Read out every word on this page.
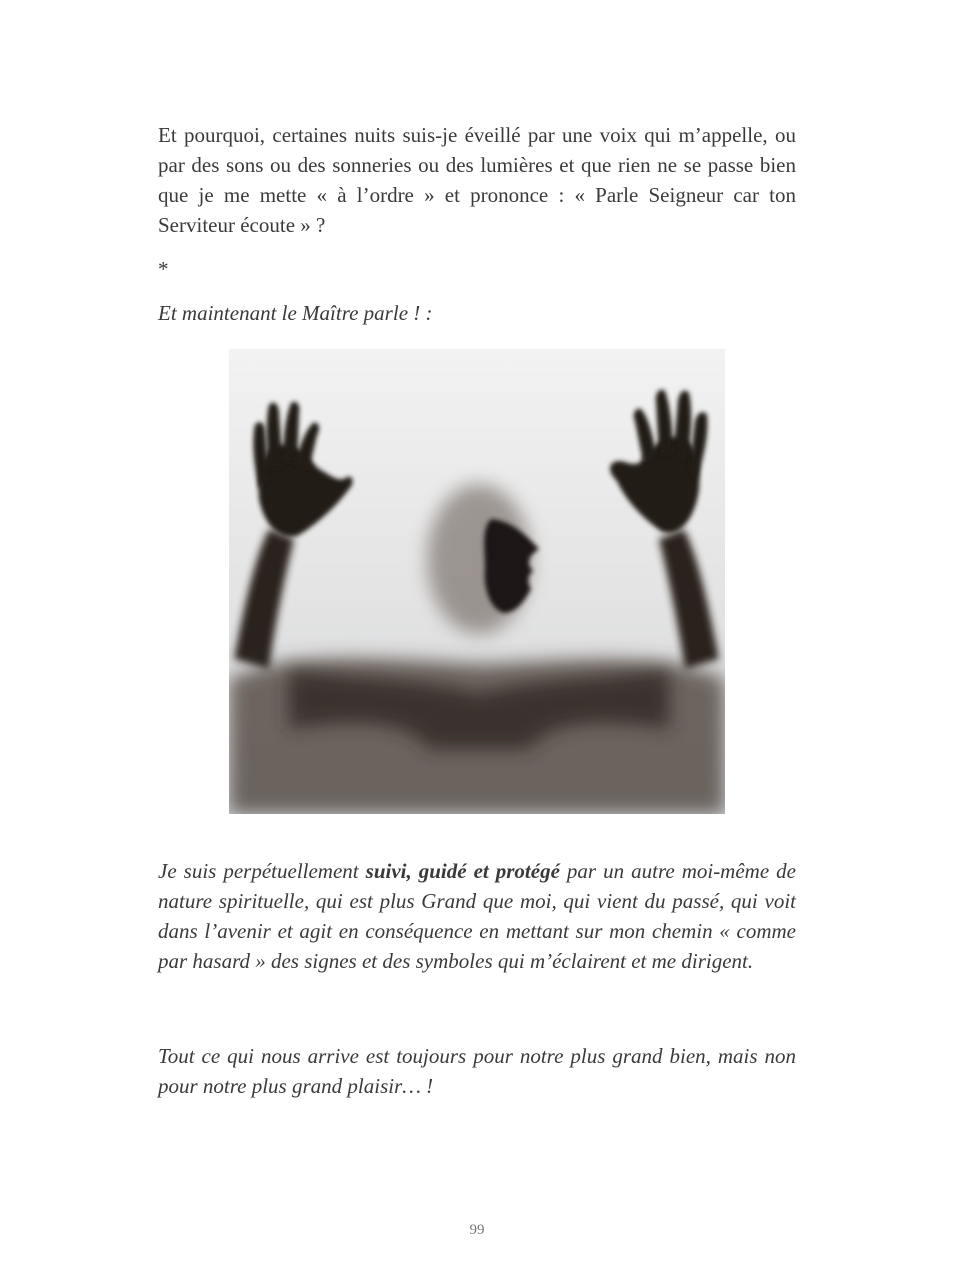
Et pourquoi, certaines nuits suis-je éveillé par une voix qui m’appelle, ou par des sons ou des sonneries ou des lumières et que rien ne se passe bien que je me mette « à l’ordre » et prononce : « Parle Seigneur car ton Serviteur écoute » ?

*

Et maintenant le Maître parle ! :

Je suis perpétuellement suivi, guidé et protégé par un autre moi-même de nature spirituelle, qui est plus Grand que moi, qui vient du passé, qui voit dans l’avenir et agit en conséquence en mettant sur mon chemin « comme par hasard » des signes et des symboles qui m’éclairent et me dirigent.

Tout ce qui nous arrive est toujours pour notre plus grand bien, mais non pour notre plus grand plaisir… !

99
